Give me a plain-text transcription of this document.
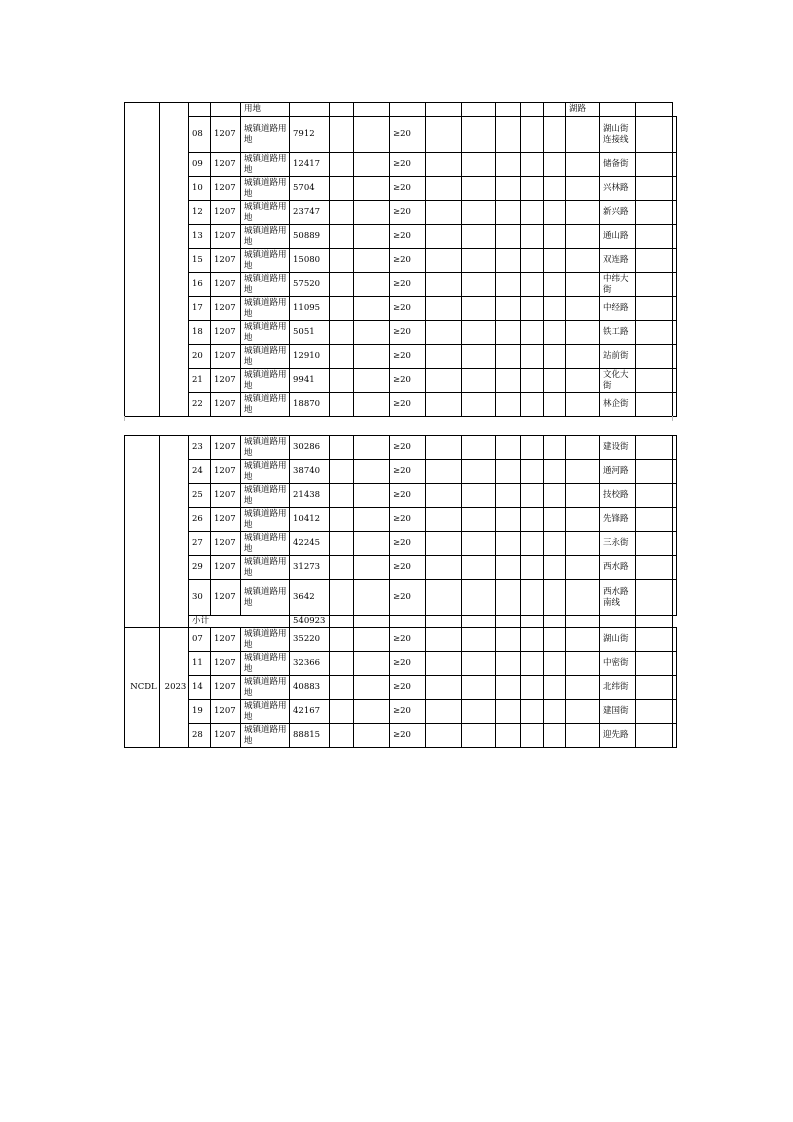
				用地										湖路			
		08	1207	城镇道路用地	7912			≥20							湖山街连接线		
		09	1207	城镇道路用地	12417			≥20							储备街		
		10	1207	城镇道路用地	5704			≥20							兴林路		
		12	1207	城镇道路用地	23747			≥20							新兴路		
		13	1207	城镇道路用地	50889			≥20							通山路		
		15	1207	城镇道路用地	15080			≥20							双连路		
		16	1207	城镇道路用地	57520			≥20							中纬大街		
		17	1207	城镇道路用地	11095			≥20							中经路		
		18	1207	城镇道路用地	5051			≥20							铁工路		
		20	1207	城镇道路用地	12910			≥20							站前街		
		21	1207	城镇道路用地	9941			≥20							文化大街		
		22	1207	城镇道路用地	18870			≥20							林企街		
		23	1207	城镇道路用地	30286			≥20							建设街		
		24	1207	城镇道路用地	38740			≥20							通河路		
		25	1207	城镇道路用地	21438			≥20							技校路		
		26	1207	城镇道路用地	10412			≥20							先锋路		
		27	1207	城镇道路用地	42245			≥20							三永街		
		29	1207	城镇道路用地	31273			≥20							西水路		
		30	1207	城镇道路用地	3642			≥20							西水路南线		
		小计			540923												
NCDL	2023	07	1207	城镇道路用地	35220			≥20							湖山街		
		11	1207	城镇道路用地	32366			≥20							中密街		
		14	1207	城镇道路用地	40883			≥20							北纬街		
		19	1207	城镇道路用地	42167			≥20							建国街		
		28	1207	城镇道路用地	88815			≥20							迎先路		
